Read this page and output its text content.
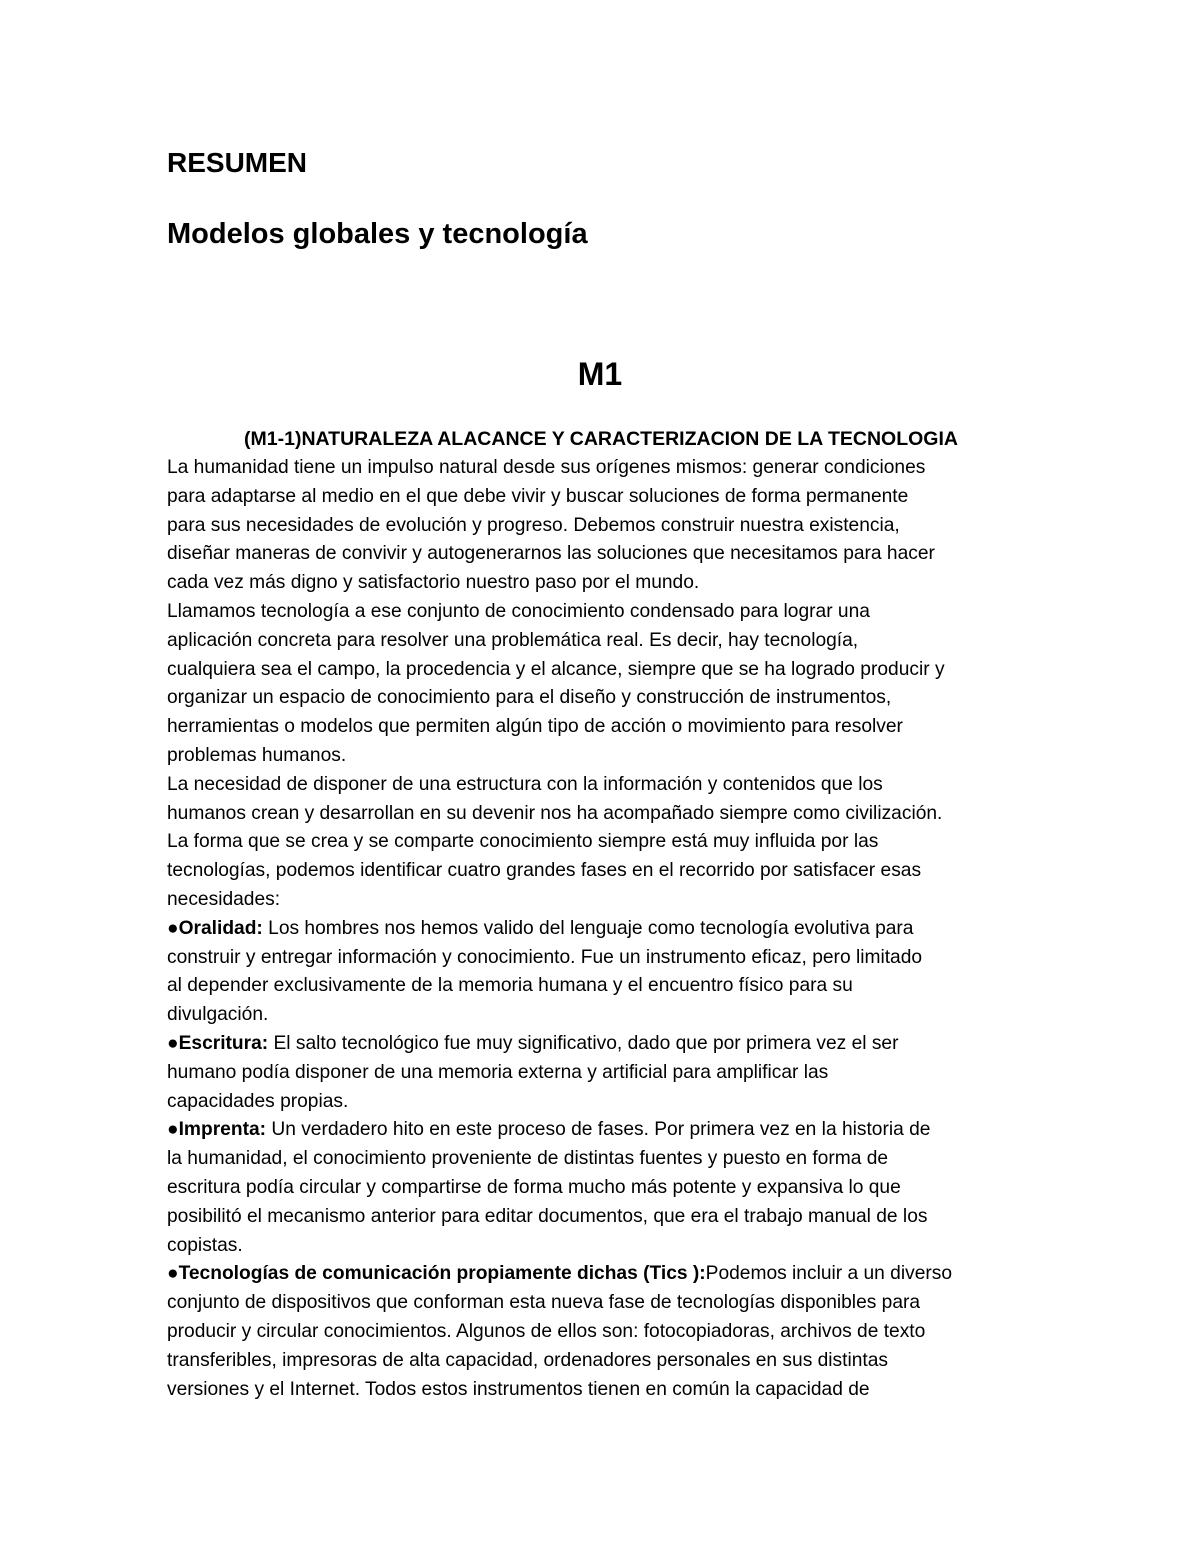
RESUMEN
Modelos globales y tecnología
M1
(M1-1)NATURALEZA ALACANCE Y CARACTERIZACION DE LA TECNOLOGIA
La humanidad tiene un impulso natural desde sus orígenes mismos: generar condiciones
para adaptarse al medio en el que debe vivir y buscar soluciones de forma permanente
para sus necesidades de evolución y progreso. Debemos construir nuestra existencia,
diseñar maneras de convivir y autogenerarnos las soluciones que necesitamos para hacer
cada vez más digno y satisfactorio nuestro paso por el mundo.
Llamamos tecnología a ese conjunto de conocimiento condensado para lograr una
aplicación concreta para resolver una problemática real. Es decir, hay tecnología,
cualquiera sea el campo, la procedencia y el alcance, siempre que se ha logrado producir y
organizar un espacio de conocimiento para el diseño y construcción de instrumentos,
herramientas o modelos que permiten algún tipo de acción o movimiento para resolver
problemas humanos.
La necesidad de disponer de una estructura con la información y contenidos que los
humanos crean y desarrollan en su devenir nos ha acompañado siempre como civilización.
La forma que se crea y se comparte conocimiento siempre está muy influida por las
tecnologías, podemos identificar cuatro grandes fases en el recorrido por satisfacer esas
necesidades:
●Oralidad: Los hombres nos hemos valido del lenguaje como tecnología evolutiva para
construir y entregar información y conocimiento. Fue un instrumento eficaz, pero limitado
al depender exclusivamente de la memoria humana y el encuentro físico para su
divulgación.
●Escritura: El salto tecnológico fue muy significativo, dado que por primera vez el ser
humano podía disponer de una memoria externa y artificial para amplificar las
capacidades propias.
●Imprenta: Un verdadero hito en este proceso de fases. Por primera vez en la historia de
la humanidad, el conocimiento proveniente de distintas fuentes y puesto en forma de
escritura podía circular y compartirse de forma mucho más potente y expansiva lo que
posibilitó el mecanismo anterior para editar documentos, que era el trabajo manual de los
copistas.
●Tecnologías de comunicación propiamente dichas (Tics ):Podemos incluir a un diverso
conjunto de dispositivos que conforman esta nueva fase de tecnologías disponibles para
producir y circular conocimientos. Algunos de ellos son: fotocopiadoras, archivos de texto
transferibles, impresoras de alta capacidad, ordenadores personales en sus distintas
versiones y el Internet. Todos estos instrumentos tienen en común la capacidad de
